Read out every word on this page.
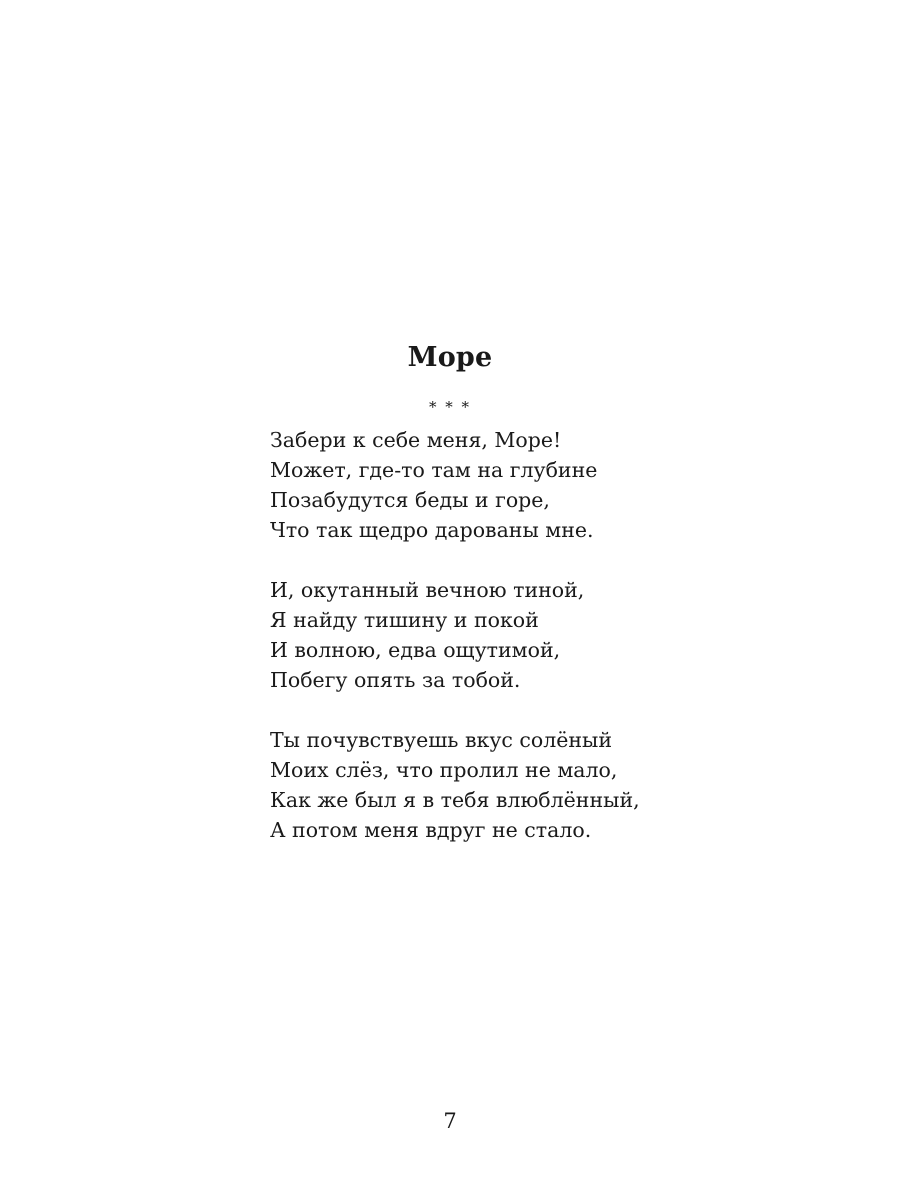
Море
* * *
Забери к себе меня, Море!
Может, где-то там на глубине
Позабудутся беды и горе,
Что так щедро дарованы мне.
И, окутанный вечною тиной,
Я найду тишину и покой
И волною, едва ощутимой,
Побегу опять за тобой.
Ты почувствуешь вкус солёный
Моих слёз, что пролил не мало,
Как же был я в тебя влюблённый,
А потом меня вдруг не стало.
7
